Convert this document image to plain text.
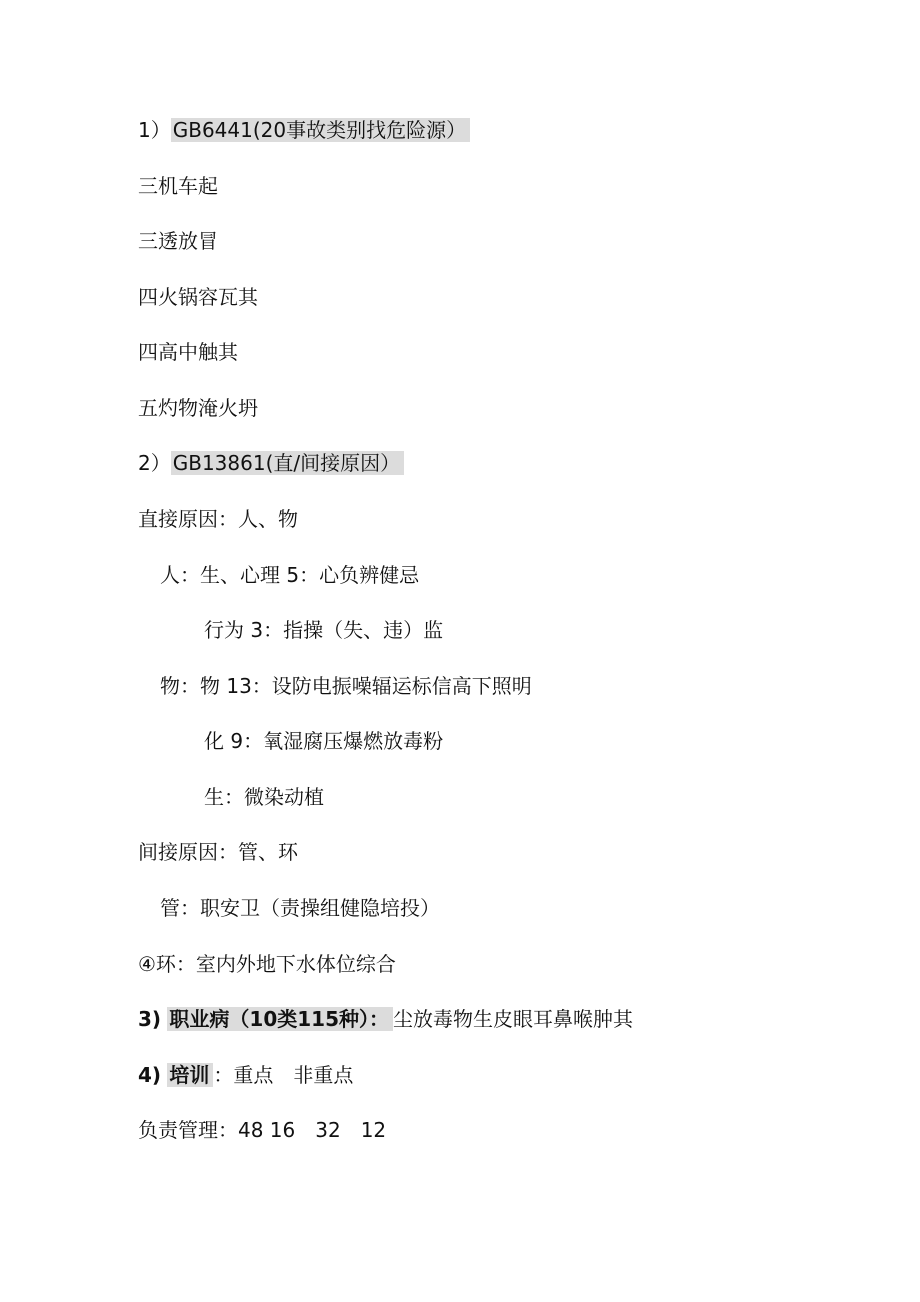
1） GB6441(20事故类别找危险源）
三机车起
三透放冒
四火锅容瓦其
四高中触其
五灼物淹火坍
2） GB13861(直/间接原因）
直接原因：人、物
人：生、心理 5：心负辨健忌
行为 3：指操（失、违）监
物：物 13：设防电振噪辐运标信高下照明
化 9：氧湿腐压爆燃放毒粉
生：微染动植
间接原因：管、环
管：职安卫（责操组健隐培投）
④环：室内外地下水体位综合
3) 职业病（10类115种）： 尘放毒物生皮眼耳鼻喉肿其
4) 培训 ：重点　非重点
负责管理：48 16　32　12
